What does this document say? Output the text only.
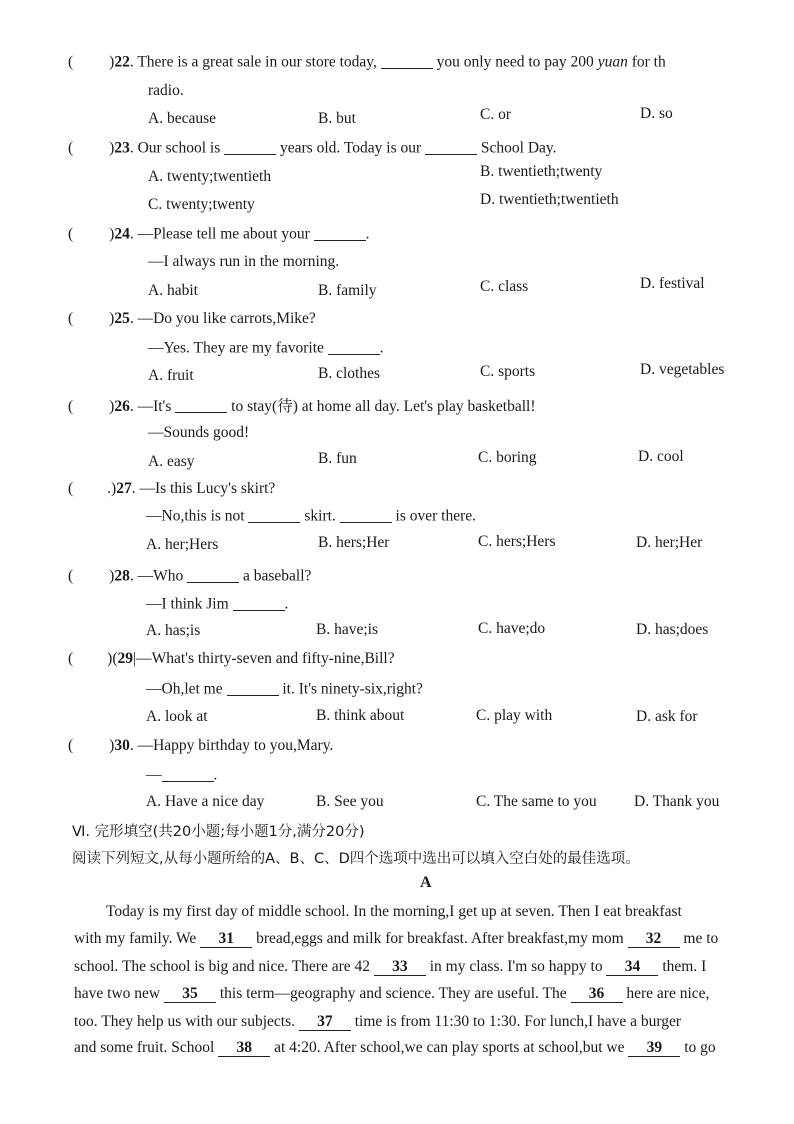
( )22. There is a great sale in our store today,	you only need to pay 200 yuan for th
radio.
A. because	B. but	C. or	D. so
( )23. Our school is	years old. Today is our	School Day.
A. twenty;twentieth	B. twentieth;twenty
C. twenty;twenty	D. twentieth;twentieth
( )24. —Please tell me about your	.
—I always run in the morning.
A. habit	B. family	C. class	D. festival
( )25. —Do you like carrots,Mike?
—Yes. They are my favorite	.
A. fruit	B. clothes	C. sports	D. vegetables
( )26. —It's	to stay(待) at home all day. Let's play basketball!
—Sounds good!
A. easy	B. fun	C. boring	D. cool
( .)27. —Is this Lucy's skirt?
—No,this is not	skirt.	is over there.
A. her;Hers	B. hers;Her	C. hers;Hers	D. her;Her
( )28. —Who	a baseball?
—I think Jim	.
A. has;is	B. have;is	C. have;do	D. has;does
( )(29|—What's thirty-seven and fifty-nine,Bill?
—Oh,let me	it. It's ninety-six,right?
A. look at	B. think about	C. play with	D. ask for
( )30. —Happy birthday to you,Mary.
—	.
A. Have a nice day	B. See you	C. The same to you D. Thank you
Ⅵ. 完形填空(共20小题;每小题1分,满分20分)
阅读下列短文,从每小题所给的A、B、C、D四个选项中选出可以填入空白处的最佳选项。
A
Today is my first day of middle school. In the morning,I get up at seven. Then I eat breakfast
with my family. We 31 bread,eggs and milk for breakfast. After breakfast,my mom 32 me to
school. The school is big and nice. There are 42 33 in my class. I'm so happy to 34 them. I
have two new 35 this term—geography and science. They are useful. The 36 here are nice,
too. They help us with our subjects. 37 time is from 11:30 to 1:30. For lunch,I have a burger
and some fruit. School 38 at 4:20. After school,we can play sports at school,but we 39 to go
